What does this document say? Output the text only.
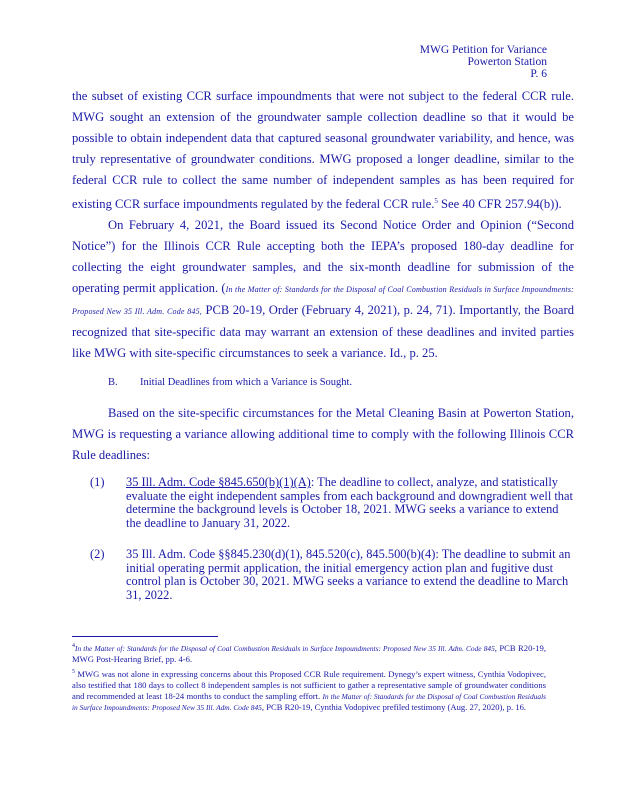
MWG Petition for Variance
Powerton Station
P. 6

the subset of existing CCR surface impoundments that were not subject to the federal CCR rule. MWG sought an extension of the groundwater sample collection deadline so that it would be possible to obtain independent data that captured seasonal groundwater variability, and hence, was truly representative of groundwater conditions. MWG proposed a longer deadline, similar to the federal CCR rule to collect the same number of independent samples as has been required for existing CCR surface impoundments regulated by the federal CCR rule.$^5$ See 40 CFR 257.94(b)).

On February 4, 2021, the Board issued its Second Notice Order and Opinion (“Second Notice”) for the Illinois CCR Rule accepting both the IEPA’s proposed 180-day deadline for collecting the eight groundwater samples, and the six-month deadline for submission of the operating permit application. (In the Matter of: Standards for the Disposal of Coal Combustion Residuals in Surface Impoundments: Proposed New 35 Ill. Adm. Code 845, PCB 20-19, Order (February 4, 2021), p. 24, 71). Importantly, the Board recognized that site-specific data may warrant an extension of these deadlines and invited parties like MWG with site-specific circumstances to seek a variance. Id., p. 25.

B. Initial Deadlines from which a Variance is Sought.

Based on the site-specific circumstances for the Metal Cleaning Basin at Powerton Station, MWG is requesting a variance allowing additional time to comply with the following Illinois CCR Rule deadlines:

(1) 35 Ill. Adm. Code §845.650(b)(1)(A): The deadline to collect, analyze, and statistically evaluate the eight independent samples from each background and downgradient well that determine the background levels is October 18, 2021. MWG seeks a variance to extend the deadline to January 31, 2022.
(2) 35 Ill. Adm. Code §§845.230(d)(1), 845.520(c), 845.500(b)(4): The deadline to submit an initial operating permit application, the initial emergency action plan and fugitive dust control plan is October 30, 2021. MWG seeks a variance to extend the deadline to March 31, 2022.
$^4$In the Matter of: Standards for the Disposal of Coal Combustion Residuals in Surface Impoundments: Proposed New 35 Ill. Adm. Code 845, PCB R20-19, MWG Post-Hearing Brief, pp. 4-6.
$^5$ MWG was not alone in expressing concerns about this Proposed CCR Rule requirement. Dynegy’s expert witness, Cynthia Vodopivec, also testified that 180 days to collect 8 independent samples is not sufficient to gather a representative sample of groundwater conditions and recommended at least 18-24 months to conduct the sampling effort. In the Matter of: Standards for the Disposal of Coal Combustion Residuals in Surface Impoundments: Proposed New 35 Ill. Adm. Code 845, PCB R20-19, Cynthia Vodopivec prefiled testimony (Aug. 27, 2020), p. 16.
